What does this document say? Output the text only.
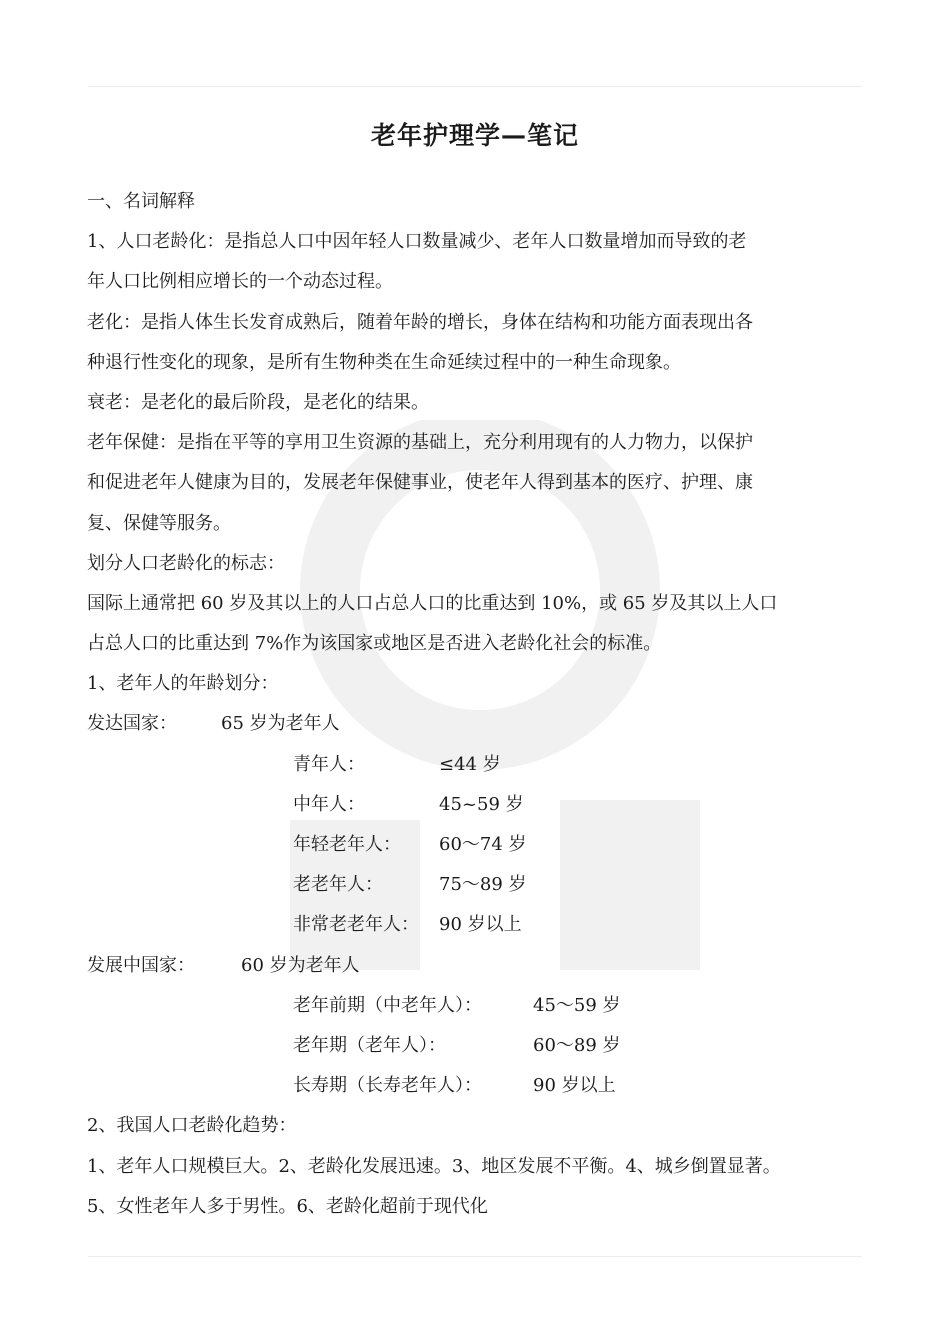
老年护理学—笔记
一、名词解释
1、人口老龄化：是指总人口中因年轻人口数量减少、老年人口数量增加而导致的老
年人口比例相应增长的一个动态过程。
老化：是指人体生长发育成熟后，随着年龄的增长，身体在结构和功能方面表现出各
种退行性变化的现象，是所有生物种类在生命延续过程中的一种生命现象。
衰老：是老化的最后阶段，是老化的结果。
老年保健：是指在平等的享用卫生资源的基础上，充分利用现有的人力物力，以保护
和促进老年人健康为目的，发展老年保健事业，使老年人得到基本的医疗、护理、康
复、保健等服务。
划分人口老龄化的标志：
国际上通常把 60 岁及其以上的人口占总人口的比重达到 10%，或 65 岁及其以上人口
占总人口的比重达到 7%作为该国家或地区是否进入老龄化社会的标准。
1、老年人的年龄划分：
发达国家： 65 岁为老年人
青年人：	≤44 岁
中年人：	45~59 岁
年轻老年人： 60～74 岁
老老年人：	75～89 岁
非常老老年人： 90 岁以上
发展中国家：	60 岁为老年人
老年前期（中老年人）：	45～59 岁
老年期（老年人）：	60～89 岁
长寿期（长寿老年人）：	90 岁以上
2、我国人口老龄化趋势：
1、老年人口规模巨大。2、老龄化发展迅速。3、地区发展不平衡。4、城乡倒置显著。
5、女性老年人多于男性。6、老龄化超前于现代化
